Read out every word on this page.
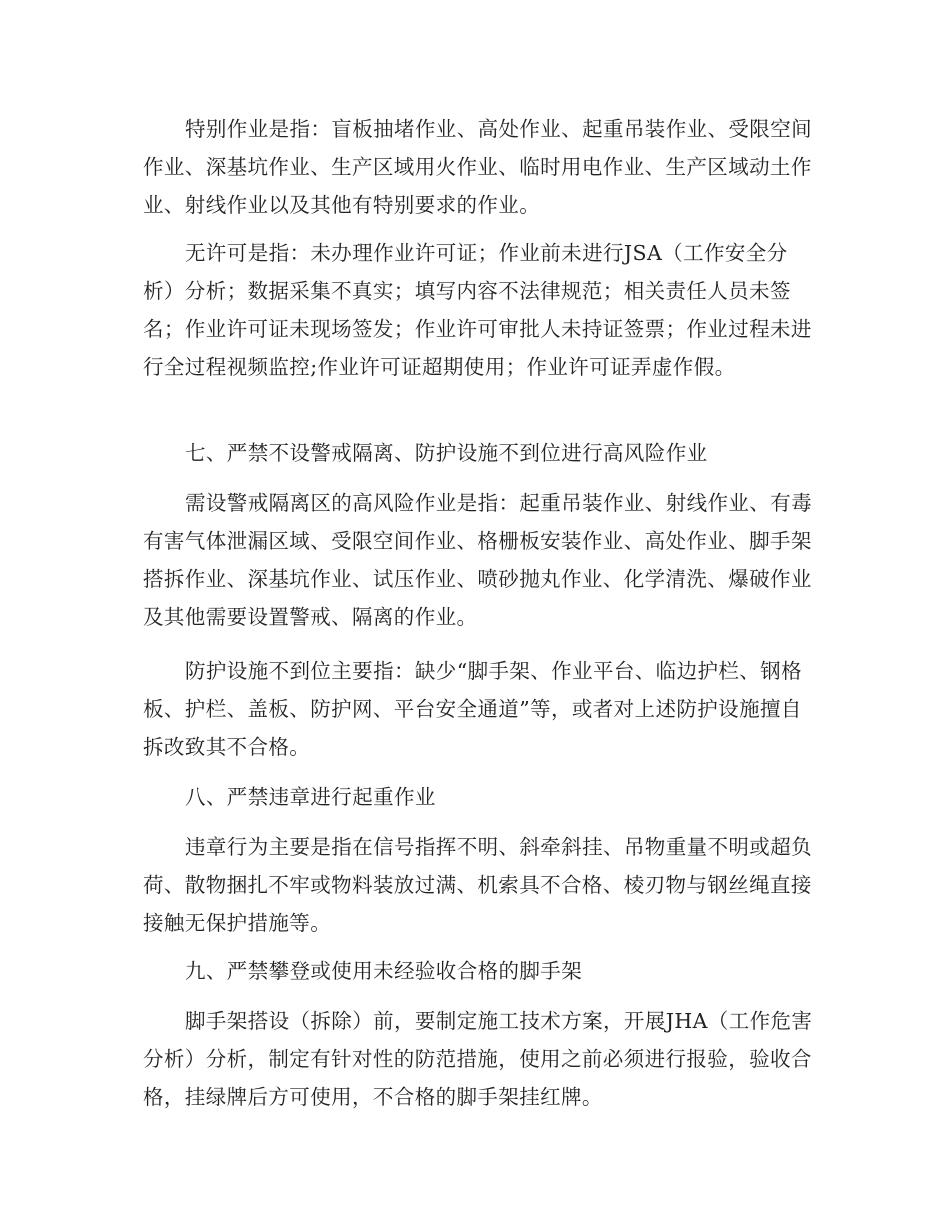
特别作业是指：盲板抽堵作业、高处作业、起重吊装作业、受限空间作业、深基坑作业、生产区域用火作业、临时用电作业、生产区域动土作业、射线作业以及其他有特别要求的作业。

无许可是指：未办理作业许可证；作业前未进行JSA（工作安全分析）分析；数据采集不真实；填写内容不法律规范；相关责任人员未签名；作业许可证未现场签发；作业许可审批人未持证签票；作业过程未进行全过程视频监控;作业许可证超期使用；作业许可证弄虚作假。

七、严禁不设警戒隔离、防护设施不到位进行高风险作业

需设警戒隔离区的高风险作业是指：起重吊装作业、射线作业、有毒有害气体泄漏区域、受限空间作业、格栅板安装作业、高处作业、脚手架搭拆作业、深基坑作业、试压作业、喷砂抛丸作业、化学清洗、爆破作业及其他需要设置警戒、隔离的作业。

防护设施不到位主要指：缺少“脚手架、作业平台、临边护栏、钢格板、护栏、盖板、防护网、平台安全通道”等，或者对上述防护设施擅自拆改致其不合格。

八、严禁违章进行起重作业

违章行为主要是指在信号指挥不明、斜牵斜挂、吊物重量不明或超负荷、散物捆扎不牢或物料装放过满、机索具不合格、棱刃物与钢丝绳直接接触无保护措施等。

九、严禁攀登或使用未经验收合格的脚手架

脚手架搭设（拆除）前，要制定施工技术方案，开展JHA（工作危害分析）分析，制定有针对性的防范措施，使用之前必须进行报验，验收合格，挂绿牌后方可使用，不合格的脚手架挂红牌。
